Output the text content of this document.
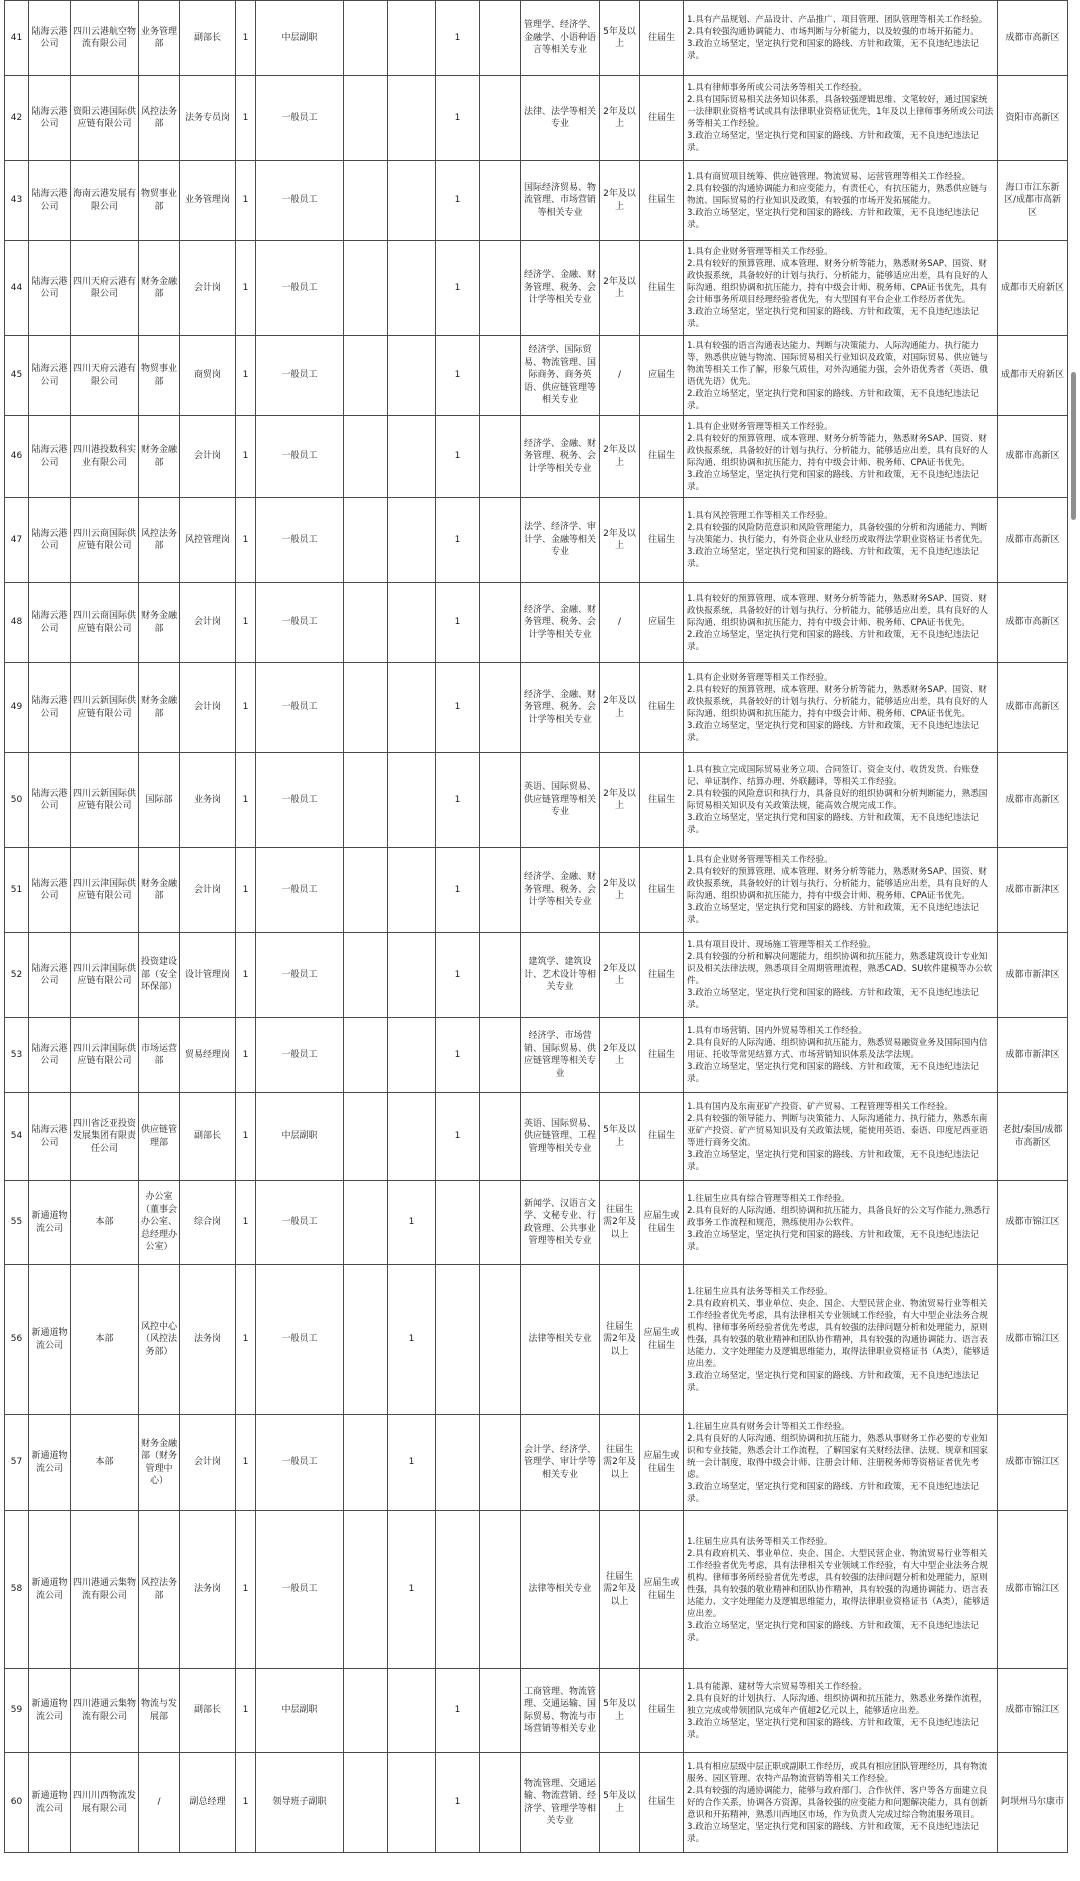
41	陆海云港公司	四川云港航空物流有限公司	业务管理部	副部长	1	中层副职			1		管理学、经济学、金融学、小语种语言等相关专业	5年及以上	往届生	1.具有产品规划、产品设计、产品推广、项目管理、团队管理等相关工作经验。
2.具有较强沟通协调能力、市场判断与分析能力，以及较强的市场开拓能力。
3.政治立场坚定，坚定执行党和国家的路线、方针和政策，无不良违纪违法记录。	成都市高新区
42	陆海云港公司	资阳云港国际供应链有限公司	风控法务部	法务专员岗	1	一般员工			1		法律、法学等相关专业	2年及以上	往届生	1.具有律师事务所或公司法务等相关工作经验。
2.具有国际贸易相关法务知识体系，具备较强逻辑思维、文笔较好，通过国家统一法律职业资格考试或具有法律职业资格证优先，1年及以上律师事务所或公司法务等相关工作经验。
3.政治立场坚定，坚定执行党和国家的路线、方针和政策，无不良违纪违法记录。	资阳市高新区
43	陆海云港公司	海南云港发展有限公司	物贸事业部	业务管理岗	1	一般员工			1		国际经济贸易、物流管理、市场营销等相关专业	2年及以上	往届生	1.具有商贸项目统筹、供应链管理、物流贸易、运营管理等相关工作经验。
2.具有较强的沟通协调能力和应变能力，有责任心，有抗压能力，熟悉供应链与物流、国际贸易的行业知识及政策，有较强的市场开发拓展能力。
3.政治立场坚定，坚定执行党和国家的路线、方针和政策，无不良违纪违法记录。	海口市江东新区/成都市高新区
44	陆海云港公司	四川天府云港有限公司	财务金融部	会计岗	1	一般员工			1		经济学、金融、财务管理、税务、会计学等相关专业	2年及以上	往届生	1.具有企业财务管理等相关工作经验。
2.具有较好的预算管理、成本管理、财务分析等能力，熟悉财务SAP、国资、财政快报系统，具备较好的计划与执行、分析能力，能够适应出差，具有良好的人际沟通、组织协调和抗压能力，持有中级会计师、税务师、CPA证书优先，具有会计师事务所项目经理经验者优先，有大型国有平台企业工作经历者优先。
3.政治立场坚定，坚定执行党和国家的路线、方针和政策，无不良违纪违法记录。	成都市天府新区
45	陆海云港公司	四川天府云港有限公司	物贸事业部	商贸岗	1	一般员工			1		经济学、国际贸易、物流管理、国际商务、商务英语、供应链管理等相关专业	/	应届生	1.具有较强的语言沟通表达能力、判断与决策能力、人际沟通能力、执行能力等，熟悉供应链与物流、国际贸易相关行业知识及政策，对国际贸易、供应链与物流等相关工作了解，形象气质佳，对外沟通能力强，会外语优秀者（英语、俄语优先语）优先。
2.政治立场坚定，坚定执行党和国家的路线、方针和政策，无不良违纪违法记录。	成都市天府新区
46	陆海云港公司	四川港投数科实业有限公司	财务金融部	会计岗	1	一般员工			1		经济学、金融、财务管理、税务、会计学等相关专业	2年及以上	往届生	1.具有企业财务管理等相关工作经验。
2.具有较好的预算管理、成本管理、财务分析等能力，熟悉财务SAP、国资、财政快报系统，具备较好的计划与执行、分析能力，能够适应出差，具有良好的人际沟通、组织协调和抗压能力，持有中级会计师、税务师、CPA证书优先。
3.政治立场坚定，坚定执行党和国家的路线、方针和政策，无不良违纪违法记录。	成都市高新区
47	陆海云港公司	四川云商国际供应链有限公司	风控法务部	风控管理岗	1	一般员工			1		法学、经济学、审计学、金融等相关专业	2年及以上	往届生	1.具有风控管理工作等相关工作经验。
2.具有较强的风险防范意识和风险管理能力，具备较强的分析和沟通能力、判断与决策能力、执行能力，有外资企业从业经历或取得法学职业资格证书者优先。
3.政治立场坚定，坚定执行党和国家的路线、方针和政策，无不良违纪违法记录。	成都市高新区
48	陆海云港公司	四川云商国际供应链有限公司	财务金融部	会计岗	1	一般员工			1		经济学、金融、财务管理、税务、会计学等相关专业	/	应届生	1.具有较好的预算管理、成本管理、财务分析等能力，熟悉财务SAP、国资、财政快报系统，具备较好的计划与执行、分析能力，能够适应出差，具有良好的人际沟通、组织协调和抗压能力，持有中级会计师、税务师、CPA证书优先。
2.政治立场坚定，坚定执行党和国家的路线、方针和政策，无不良违纪违法记录。	成都市高新区
49	陆海云港公司	四川云新国际供应链有限公司	财务金融部	会计岗	1	一般员工			1		经济学、金融、财务管理、税务、会计学等相关专业	2年及以上	往届生	1.具有企业财务管理等相关工作经验。
2.具有较好的预算管理、成本管理、财务分析等能力，熟悉财务SAP、国资、财政快报系统，具备较好的计划与执行、分析能力，能够适应出差，具有良好的人际沟通、组织协调和抗压能力，持有中级会计师、税务师、CPA证书优先。
3.政治立场坚定，坚定执行党和国家的路线、方针和政策，无不良违纪违法记录。	成都市高新区
50	陆海云港公司	四川云新国际供应链有限公司	国际部	业务岗	1	一般员工			1		英语、国际贸易、供应链管理等相关专业	2年及以上	往届生	1.具有独立完成国际贸易业务立项、合同签订、资金支付、收货发货、台账登记、单证制作、结算办理、外联翻译，等相关工作经验。
2.具有较强的风险意识和执行力，具备良好的组织协调和分析判断能力，熟悉国际贸易相关知识及有关政策法规，能高效合规完成工作。
3.政治立场坚定，坚定执行党和国家的路线、方针和政策，无不良违纪违法记录。	成都市高新区
51	陆海云港公司	四川云津国际供应链有限公司	财务金融部	会计岗	1	一般员工			1		经济学、金融、财务管理、税务、会计学等相关专业	2年及以上	往届生	1.具有企业财务管理等相关工作经验。
2.具有较好的预算管理、成本管理、财务分析等能力，熟悉财务SAP、国资、财政快报系统，具备较好的计划与执行、分析能力，能够适应出差，具有良好的人际沟通、组织协调和抗压能力，持有中级会计师、税务师、CPA证书优先。
3.政治立场坚定，坚定执行党和国家的路线、方针和政策，无不良违纪违法记录。	成都市新津区
52	陆海云港公司	四川云津国际供应链有限公司	投资建设部（安全环保部）	设计管理岗	1	一般员工			1		建筑学、建筑设计、艺术设计等相关专业	2年及以上	往届生	1.具有项目设计、现场施工管理等相关工作经验。
2.具有较强的分析和解决问题能力，组织协调和抗压能力，熟悉建筑设计专业知识及相关法律法规，熟悉项目全周期管理流程，熟悉CAD、SU软件建模等办公软件。
3.政治立场坚定，坚定执行党和国家的路线、方针和政策，无不良违纪违法记录。	成都市新津区
53	陆海云港公司	四川云津国际供应链有限公司	市场运营部	贸易经理岗	1	一般员工			1		经济学、市场营销、国际贸易、供应链管理等相关专业	2年及以上	往届生	1.具有市场营销、国内外贸易等相关工作经验。
2.具有良好的人际沟通、组织协调和抗压能力，熟悉贸易融资业务及国际国内信用证、托收等常见结算方式、市场营销知识体系及法学法规。
3.政治立场坚定，坚定执行党和国家的路线、方针和政策，无不良违纪违法记录。	成都市新津区
54	陆海云港公司	四川省泛亚投资发展集团有限责任公司	供应链管理部	副部长	1	中层副职			1		英语、国际贸易、供应链管理、工程管理等相关专业	5年及以上	往届生	1.具有国内及东南亚矿产投资、矿产贸易、工程管理等相关工作经验。
2.具有较强的领导能力、判断与决策能力、人际沟通能力、执行能力，熟悉东南亚矿产投资、矿产贸易知识及有关政策法规，能使用英语、泰语、印度尼西亚语等进行商务交流。
3.政治立场坚定，坚定执行党和国家的路线、方针和政策，无不良违纪违法记录。	老挝/泰国/成都市高新区
55	新通道物流公司	本部	办公室（董事会办公室、总经理办公室）	综合岗	1	一般员工		1			新闻学、汉语言文学、文秘专业、行政管理、公共事业管理等相关专业	往届生需2年及以上	应届生或往届生	1.往届生应具有综合管理等相关工作经验。
2.具有良好的人际沟通、组织协调和抗压能力，具备良好的公文写作能力,熟悉行政事务工作流程和规范，熟练使用办公软件。
3.政治立场坚定，坚定执行党和国家的路线、方针和政策，无不良违纪违法记录。	成都市锦江区
56	新通道物流公司	本部	风控中心（风控法务部）	法务岗	1	一般员工		1			法律等相关专业	往届生需2年及以上	应届生或往届生	1.往届生应具有法务等相关工作经验。
2.具有政府机关、事业单位、央企、国企、大型民营企业、物流贸易行业等相关工作经验者优先考虑，具有法律相关专业领域工作经验，有大中型企业法务合规机构、律师事务所经验者优先考虑，具有较强的法律问题分析和处理能力，原则性强，具有较强的敬业精神和团队协作精神，具有较强的沟通协调能力、语言表达能力、文字处理能力及逻辑思维能力，取得法律职业资格证书（A类），能够适应出差。
3.政治立场坚定，坚定执行党和国家的路线、方针和政策，无不良违纪违法记录。	成都市锦江区
57	新通道物流公司	本部	财务金融部（财务管理中心）	会计岗	1	一般员工		1			会计学、经济学、管理学、审计学等相关专业	往届生需2年及以上	应届生或往届生	1.往届生应具有财务会计等相关工作经验。
2.具有良好的人际沟通、组织协调和抗压能力，熟悉从事财务工作必要的专业知识和专业技能，熟悉会计工作流程，了解国家有关财经法律、法规、规章和国家统一会计制度，取得中级会计师、注册会计师、注册税务师等资格证者优先考虑。
3.政治立场坚定，坚定执行党和国家的路线、方针和政策，无不良违纪违法记录。	成都市锦江区
58	新通道物流公司	四川港通云集物流有限公司	风控法务部	法务岗	1	一般员工		1			法律等相关专业	往届生需2年及以上	应届生或往届生	1.往届生应具有法务等相关工作经验。
2.具有政府机关、事业单位、央企、国企、大型民营企业、物流贸易行业等相关工作经验者优先考虑，具有法律相关专业领域工作经验，有大中型企业法务合规机构、律师事务所经验者优先考虑，具有较强的法律问题分析和处理能力，原则性强，具有较强的敬业精神和团队协作精神，具有较强的沟通协调能力、语言表达能力、文字处理能力及逻辑思维能力，取得法律职业资格证书（A类），能够适应出差。
3.政治立场坚定，坚定执行党和国家的路线、方针和政策，无不良违纪违法记录。	成都市锦江区
59	新通道物流公司	四川港通云集物流有限公司	物流与发展部	副部长	1	中层副职			1		工商管理、物流管理、交通运输、国际贸易、物流与市场营销等相关专业	5年及以上	往届生	1.具有能源、建材等大宗贸易等相关工作经验。
2.具有良好的计划执行、人际沟通、组织协调和抗压能力，熟悉业务操作流程，独立完成或带领团队完成年产值超2亿元以上，能够适应出差。
3.政治立场坚定，坚定执行党和国家的路线、方针和政策，无不良违纪违法记录。	成都市锦江区
60	新通道物流公司	四川川西物流发展有限公司	/	副总经理	1	领导班子副职			1		物流管理、交通运输、物流营销、经济学、管理学等相关专业	5年及以上	往届生	1.具有相应层级中层正职或副职工作经历，或具有相应团队管理经历，具有物流服务、园区管理、农特产品物流营销等相关工作经验。
2.具有较强的沟通协调能力，能够与政府部门、合作伙伴、客户等各方面建立良好的合作关系，协调各方资源，具备较强的应变能力和问题解决能力，具有创新意识和开拓精神，熟悉川西地区市场，作为负责人完成过综合物流服务项目。
3.政治立场坚定，坚定执行党和国家的路线、方针和政策，无不良违纪违法记录。	阿坝州马尔康市
